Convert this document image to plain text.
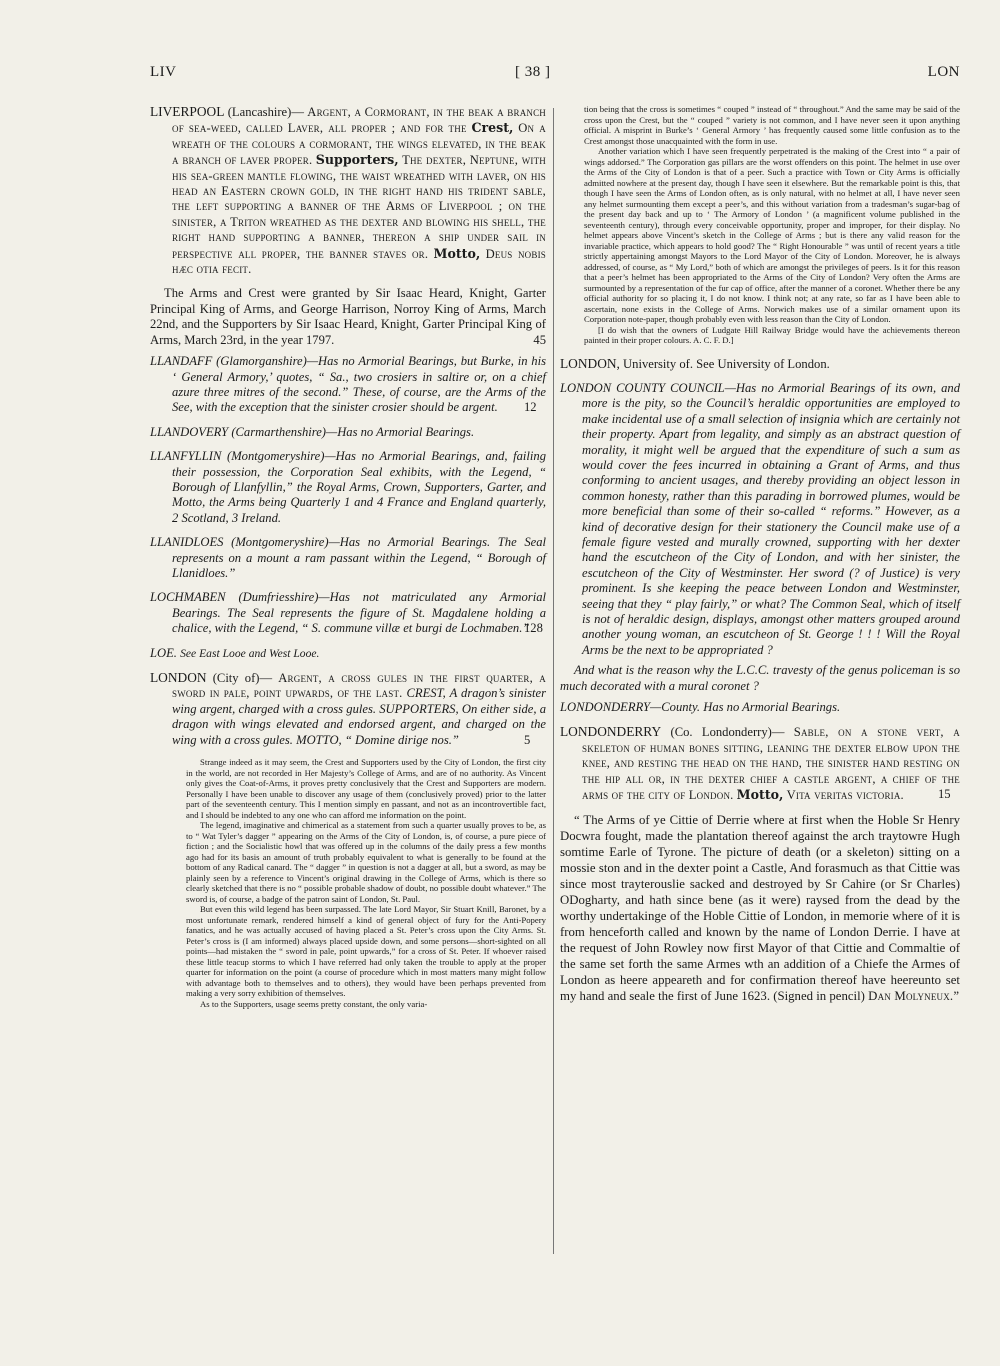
LIV	[ 38 ]	LON
LIVERPOOL (Lancashire)— Argent, a Cormorant, in the beak a branch of sea-weed, called Laver, all proper ; and for the Crest, On a wreath of the colours a cormorant, the wings elevated, in the beak a branch of laver proper. Supporters, The dexter, Neptune, with his sea-green mantle flowing, the waist wreathed with laver, on his head an Eastern crown gold, in the right hand his trident sable, the left supporting a banner of the Arms of Liverpool ; on the sinister, a Triton wreathed as the dexter and blowing his shell, the right hand supporting a banner, thereon a ship under sail in perspective all proper, the banner staves or. Motto, Deus nobis hæc otia fecit.

The Arms and Crest were granted by Sir Isaac Heard, Knight, Garter Principal King of Arms, and George Harrison, Norroy King of Arms, March 22nd, and the Supporters by Sir Isaac Heard, Knight, Garter Principal King of Arms, March 23rd, in the year 1797.	45

LLANDAFF (Glamorganshire)—Has no Armorial Bearings, but Burke, in his ‘ General Armory,’ quotes, “ Sa., two crosiers in saltire or, on a chief azure three mitres of the second.” These, of course, are the Arms of the See, with the exception that the sinister crosier should be argent. 12
LLANDOVERY (Carmarthenshire)—Has no Armorial Bearings.
LLANFYLLIN (Montgomeryshire)—Has no Armorial Bearings, and, failing their possession, the Corporation Seal exhibits, with the Legend, “ Borough of Llanfyllin,” the Royal Arms, Crown, Supporters, Garter, and Motto, the Arms being Quarterly 1 and 4 France and England quarterly, 2 Scotland, 3 Ireland.
LLANIDLOES (Montgomeryshire)—Has no Armorial Bearings. The Seal represents on a mount a ram passant within the Legend, “ Borough of Llanidloes.”
LOCHMABEN (Dumfriesshire)—Has not matriculated any Armorial Bearings. The Seal represents the figure of St. Magdalene holding a chalice, with the Legend, “ S. commune villæ et burgi de Lochmaben.”
128
LOE. See East Looe and West Looe.
LONDON (City of)— Argent, a cross gules in the first quarter, a sword in pale, point upwards, of the last. CREST, A dragon’s sinister wing argent, charged with a cross gules. SUPPORTERS, On either side, a dragon with wings elevated and endorsed argent, and charged on the wing with a cross gules. MOTTO, “ Domine dirige nos.”	5

Strange indeed as it may seem, the Crest and Supporters used by the City of London, the first city in the world, are not recorded in Her Majesty’s College of Arms, and are of no authority. As Vincent only gives the Coat-of-Arms, it proves pretty conclusively that the Crest and Supporters are modern. Personally I have been unable to discover any usage of them (conclusively proved) prior to the latter part of the seventeenth century. This I mention simply en passant, and not as an incontrovertible fact, and I should be indebted to any one who can afford me information on the point.

The legend, imaginative and chimerical as a statement from such a quarter usually proves to be, as to “ Wat Tyler’s dagger ” appearing on the Arms of the City of London, is, of course, a pure piece of fiction ; and the Socialistic howl that was offered up in the columns of the daily press a few months ago had for its basis an amount of truth probably equivalent to what is generally to be found at the bottom of any Radical canard. The “ dagger ” in question is not a dagger at all, but a sword, as may be plainly seen by a reference to Vincent’s original drawing in the College of Arms, which is there so clearly sketched that there is no “ possible probable shadow of doubt, no possible doubt whatever.” The sword is, of course, a badge of the patron saint of London, St. Paul.

But even this wild legend has been surpassed. The late Lord Mayor, Sir Stuart Knill, Baronet, by a most unfortunate remark, rendered himself a kind of general object of fury for the Anti-Popery fanatics, and he was actually accused of having placed a St. Peter’s cross upon the City Arms. St. Peter’s cross is (I am informed) always placed upside down, and some persons—short-sighted on all points—had mistaken the “ sword in pale, point upwards,” for a cross of St. Peter. If whoever raised these little teacup storms to which I have referred had only taken the trouble to apply at the proper quarter for information on the point (a course of procedure which in most matters many might follow with advantage both to themselves and to others), they would have been perhaps prevented from making a very sorry exhibition of themselves.

As to the Supporters, usage seems pretty constant, the only varia-

tion being that the cross is sometimes “ couped ” instead of “ throughout.” And the same may be said of the cross upon the Crest, but the “ couped ” variety is not common, and I have never seen it upon anything official. A misprint in Burke’s ‘ General Armory ’ has frequently caused some little confusion as to the Crest amongst those unacquainted with the form in use.

Another variation which I have seen frequently perpetrated is the making of the Crest into “ a pair of wings addorsed.” The Corporation gas pillars are the worst offenders on this point. The helmet in use over the Arms of the City of London is that of a peer. Such a practice with Town or City Arms is officially admitted nowhere at the present day, though I have seen it elsewhere. But the remarkable point is this, that though I have seen the Arms of London often, as is only natural, with no helmet at all, I have never seen any helmet surmounting them except a peer’s, and this without variation from a tradesman’s sugar-bag of the present day back and up to ‘ The Armory of London ’ (a magnificent volume published in the seventeenth century), through every conceivable opportunity, proper and improper, for their display. No helmet appears above Vincent’s sketch in the College of Arms ; but is there any valid reason for the invariable practice, which appears to hold good? The “ Right Honourable ” was until of recent years a title strictly appertaining amongst Mayors to the Lord Mayor of the City of London. Moreover, he is always addressed, of course, as “ My Lord,” both of which are amongst the privileges of peers. Is it for this reason that a peer’s helmet has been appropriated to the Arms of the City of London? Very often the Arms are surmounted by a representation of the fur cap of office, after the manner of a coronet. Whether there be any official authority for so placing it, I do not know. I think not; at any rate, so far as I have been able to ascertain, none exists in the College of Arms. Norwich makes use of a similar ornament upon its Corporation note-paper, though probably even with less reason than the City of London.

[I do wish that the owners of Ludgate Hill Railway Bridge would have the achievements thereon painted in their proper colours. A. C. F. D.]

LONDON, University of. See University of London.
LONDON COUNTY COUNCIL—Has no Armorial Bearings of its own, and more is the pity, so the Council’s heraldic opportunities are employed to make incidental use of a small selection of insignia which are certainly not their property. Apart from legality, and simply as an abstract question of morality, it might well be argued that the expenditure of such a sum as would cover the fees incurred in obtaining a Grant of Arms, and thus conforming to ancient usages, and thereby providing an object lesson in common honesty, rather than this parading in borrowed plumes, would be more beneficial than some of their so-called “ reforms.” However, as a kind of decorative design for their stationery the Council make use of a female figure vested and murally crowned, supporting with her dexter hand the escutcheon of the City of London, and with her sinister, the escutcheon of the City of Westminster. Her sword (? of Justice) is very prominent. Is she keeping the peace between London and Westminster, seeing that they “ play fairly,” or what? The Common Seal, which of itself is not of heraldic design, displays, amongst other matters grouped around another young woman, an escutcheon of St. George ! ! ! Will the Royal Arms be the next to be appropriated ?

And what is the reason why the L.C.C. travesty of the genus policeman is so much decorated with a mural coronet ?

LONDONDERRY—County. Has no Armorial Bearings.
LONDONDERRY (Co. Londonderry)— Sable, on a stone vert, a skeleton of human bones sitting, leaning the dexter elbow upon the knee, and resting the head on the hand, the sinister hand resting on the hip all or, in the dexter chief a castle argent, a chief of the arms of the city of London. Motto, Vita veritas victoria.	15

“ The Arms of ye Cittie of Derrie where at first when the Hoble Sr Henry Docwra fought, made the plantation thereof against the arch traytowre Hugh somtime Earle of Tyrone. The picture of death (or a skeleton) sitting on a mossie ston and in the dexter point a Castle, And forasmuch as that Cittie was since most trayterouslie sacked and destroyed by Sr Cahire (or Sr Charles) ODogharty, and hath since bene (as it were) raysed from the dead by the worthy undertakinge of the Hoble Cittie of London, in memorie where of it is from henceforth called and known by the name of London Derrie. I have at the request of John Rowley now first Mayor of that Cittie and Commaltie of the same set forth the same Armes wth an addition of a Chiefe the Armes of London as heere appeareth and for confirmation thereof have heereunto set my hand and seale the first of June 1623. (Signed in pencil) Dan Molyneux.”
